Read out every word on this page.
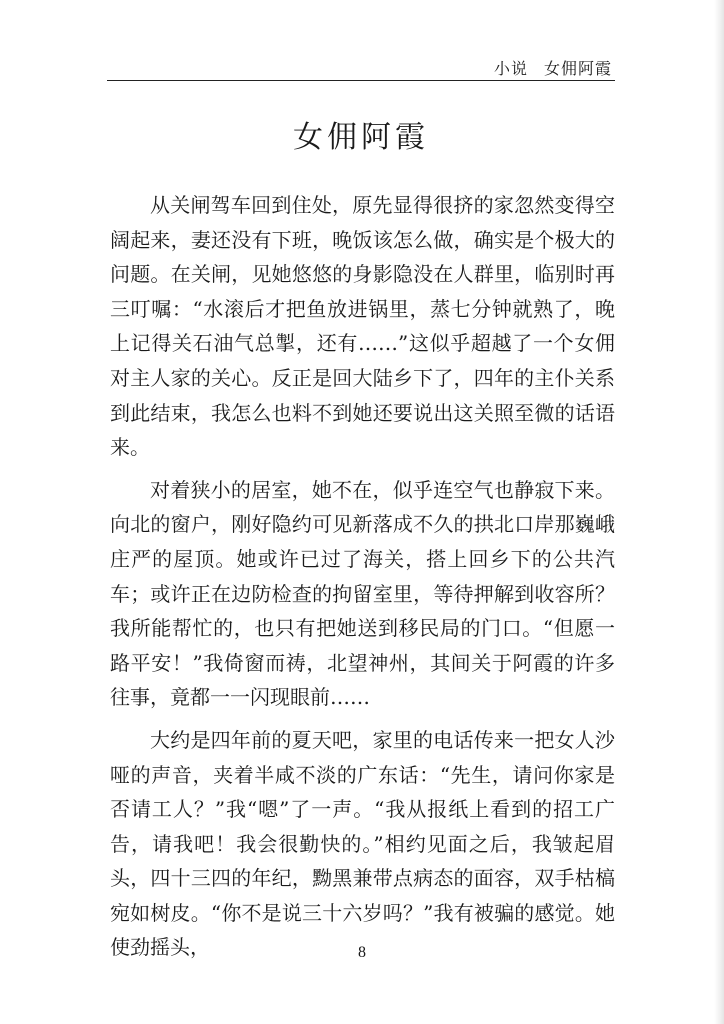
小说 女佣阿霞
女佣阿霞

从关闸驾车回到住处，原先显得很挤的家忽然变得空阔起来，妻还没有下班，晚饭该怎么做，确实是个极大的问题。在关闸，见她悠悠的身影隐没在人群里，临别时再三叮嘱：“水滚后才把鱼放进锅里，蒸七分钟就熟了，晚上记得关石油气总掣，还有……”这似乎超越了一个女佣对主人家的关心。反正是回大陆乡下了，四年的主仆关系到此结束，我怎么也料不到她还要说出这关照至微的话语来。

对着狭小的居室，她不在，似乎连空气也静寂下来。向北的窗户，刚好隐约可见新落成不久的拱北口岸那巍峨庄严的屋顶。她或许已过了海关，搭上回乡下的公共汽车；或许正在边防检查的拘留室里，等待押解到收容所？我所能帮忙的，也只有把她送到移民局的门口。“但愿一路平安！”我倚窗而祷，北望神州，其间关于阿霞的许多往事，竟都一一闪现眼前……

大约是四年前的夏天吧，家里的电话传来一把女人沙哑的声音，夹着半咸不淡的广东话：“先生，请问你家是否请工人？”我“嗯”了一声。“我从报纸上看到的招工广告，请我吧！我会很勤快的。”相约见面之后，我皱起眉头，四十三四的年纪，黝黑兼带点病态的面容，双手枯槁宛如树皮。“你不是说三十六岁吗？”我有被骗的感觉。她使劲摇头，	8
